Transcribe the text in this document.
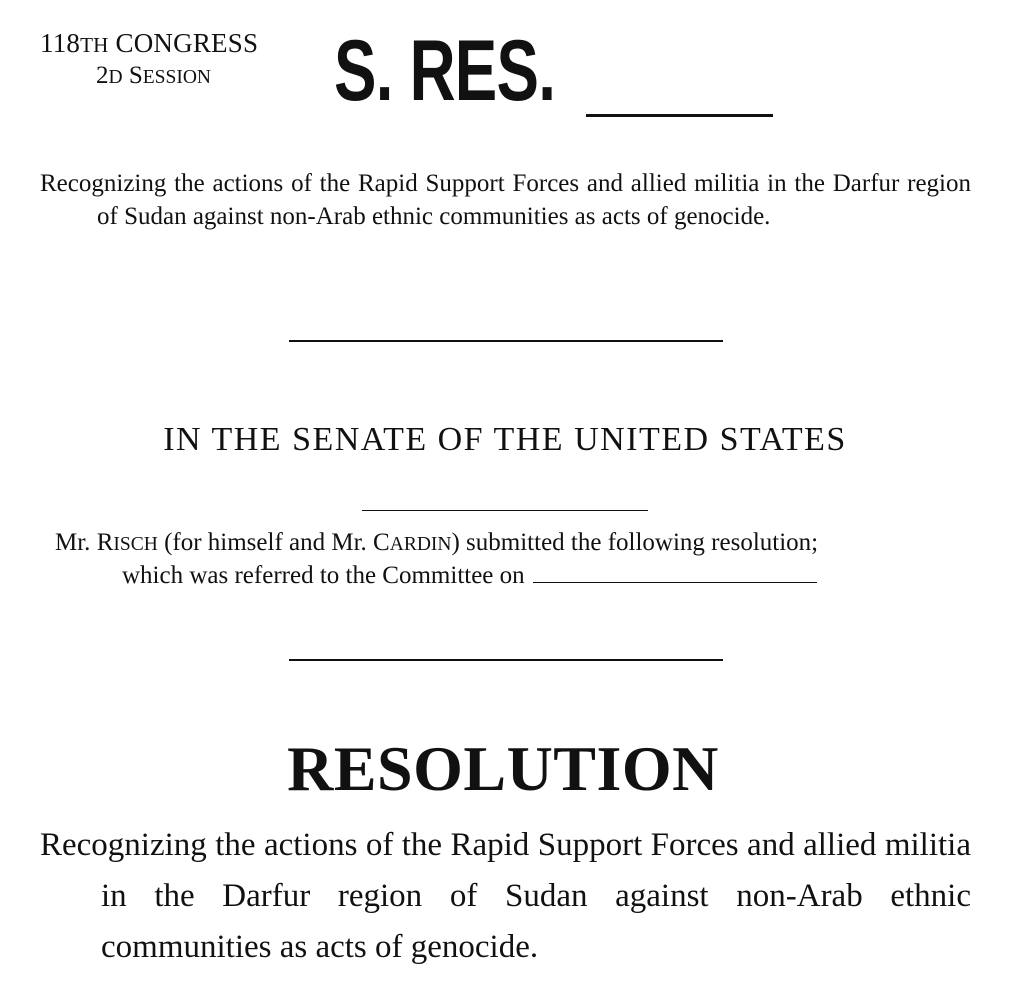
118TH CONGRESS
2D SESSION S. RES.
Recognizing the actions of the Rapid Support Forces and allied militia in the Darfur region of Sudan against non-Arab ethnic communities as acts of genocide.
IN THE SENATE OF THE UNITED STATES
Mr. RISCH (for himself and Mr. CARDIN) submitted the following resolution;
which was referred to the Committee on
RESOLUTION
Recognizing the actions of the Rapid Support Forces and allied militia in the Darfur region of Sudan against non-Arab ethnic communities as acts of genocide.
